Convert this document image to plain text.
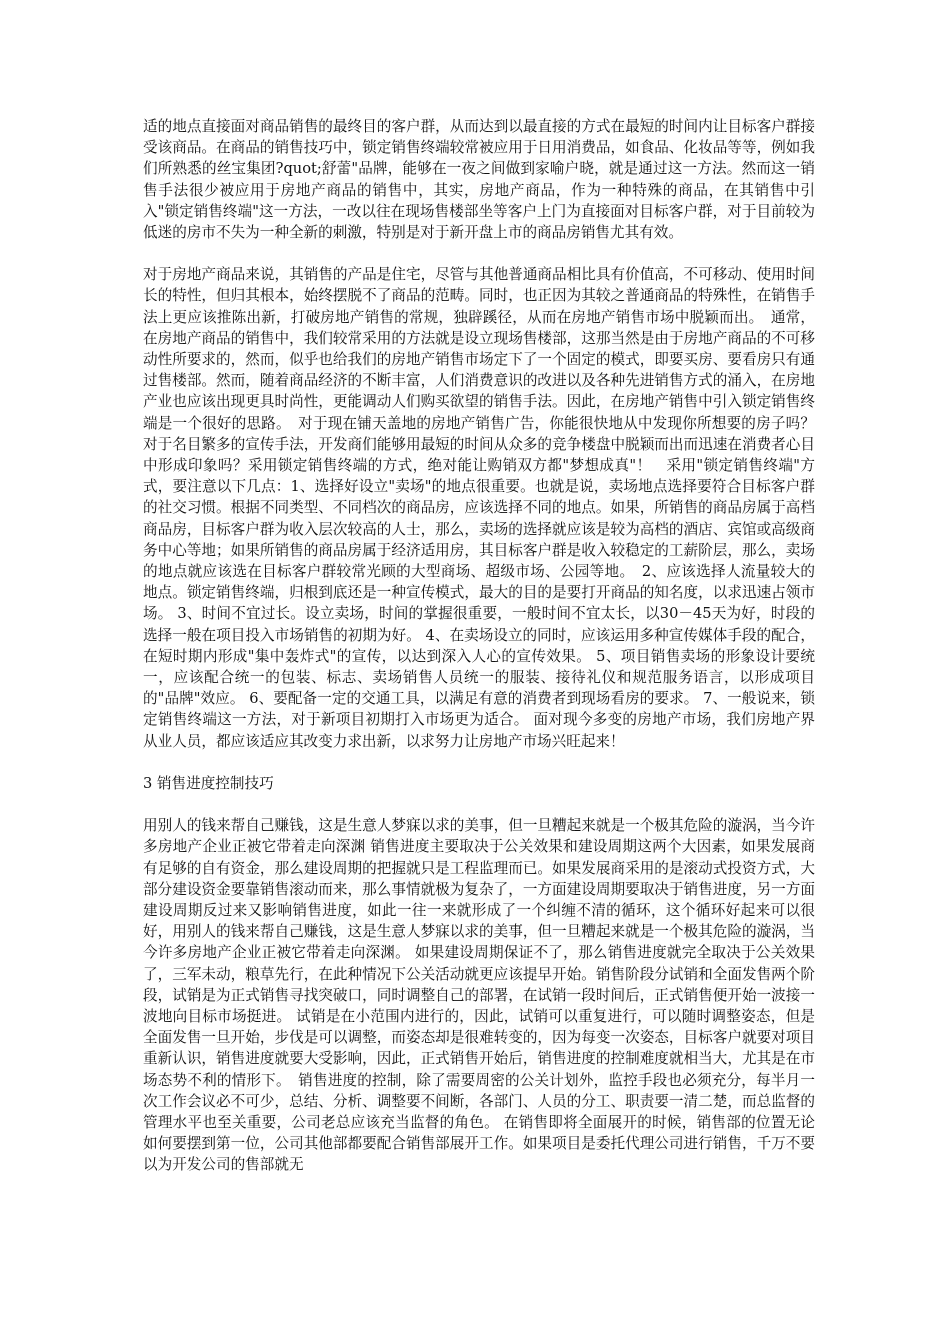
适的地点直接面对商品销售的最终目的客户群，从而达到以最直接的方式在最短的时间内让目标客户群接受该商品。在商品的销售技巧中，锁定销售终端较常被应用于日用消费品，如食品、化妆品等等，例如我们所熟悉的丝宝集团?quot;舒蕾"品牌，能够在一夜之间做到家喻户晓，就是通过这一方法。然而这一销售手法很少被应用于房地产商品的销售中，其实，房地产商品，作为一种特殊的商品，在其销售中引入"锁定销售终端"这一方法，一改以往在现场售楼部坐等客户上门为直接面对目标客户群，对于目前较为低迷的房市不失为一种全新的刺激，特别是对于新开盘上市的商品房销售尤其有效。

对于房地产商品来说，其销售的产品是住宅，尽管与其他普通商品相比具有价值高，不可移动、使用时间长的特性，但归其根本，始终摆脱不了商品的范畴。同时，也正因为其较之普通商品的特殊性，在销售手法上更应该推陈出新，打破房地产销售的常规，独辟蹊径，从而在房地产销售市场中脱颖而出。　通常，在房地产商品的销售中，我们较常采用的方法就是设立现场售楼部，这那当然是由于房地产商品的不可移动性所要求的，然而，似乎也给我们的房地产销售市场定下了一个固定的模式，即要买房、要看房只有通过售楼部。然而，随着商品经济的不断丰富，人们消费意识的改进以及各种先进销售方式的涌入，在房地产业也应该出现更具时尚性，更能调动人们购买欲望的销售手法。因此，在房地产销售中引入锁定销售终端是一个很好的思路。　对于现在铺天盖地的房地产销售广告，你能很快地从中发现你所想要的房子吗？对于名目繁多的宣传手法，开发商们能够用最短的时间从众多的竞争楼盘中脱颖而出而迅速在消费者心目中形成印象吗？采用锁定销售终端的方式，绝对能让购销双方都"梦想成真"！　采用"锁定销售终端"方式，要注意以下几点：1、选择好设立"卖场"的地点很重要。也就是说，卖场地点选择要符合目标客户群的社交习惯。根据不同类型、不同档次的商品房，应该选择不同的地点。如果，所销售的商品房属于高档商品房，目标客户群为收入层次较高的人士，那么，卖场的选择就应该是较为高档的酒店、宾馆或高级商务中心等地；如果所销售的商品房属于经济适用房，其目标客户群是收入较稳定的工薪阶层，那么，卖场的地点就应该选在目标客户群较常光顾的大型商场、超级市场、公园等地。　2、应该选择人流量较大的地点。锁定销售终端，归根到底还是一种宣传模式，最大的目的是要打开商品的知名度，以求迅速占领市场。 3、时间不宜过长。设立卖场，时间的掌握很重要，一般时间不宜太长，以30－45天为好，时段的选择一般在项目投入市场销售的初期为好。 4、在卖场设立的同时，应该运用多种宣传媒体手段的配合，在短时期内形成"集中轰炸式"的宣传，以达到深入人心的宣传效果。 5、项目销售卖场的形象设计要统一，应该配合统一的包装、标志、卖场销售人员统一的服装、接待礼仪和规范服务语言，以形成项目的"品牌"效应。 6、要配备一定的交通工具，以满足有意的消费者到现场看房的要求。 7、一般说来，锁定销售终端这一方法，对于新项目初期打入市场更为适合。 面对现今多变的房地产市场，我们房地产界从业人员，都应该适应其改变力求出新，以求努力让房地产市场兴旺起来！

3 销售进度控制技巧

用别人的钱来帮自己赚钱，这是生意人梦寐以求的美事，但一旦糟起来就是一个极其危险的漩涡，当今许多房地产企业正被它带着走向深渊 销售进度主要取决于公关效果和建设周期这两个大因素，如果发展商有足够的自有资金，那么建设周期的把握就只是工程监理而已。如果发展商采用的是滚动式投资方式，大部分建设资金要靠销售滚动而来，那么事情就极为复杂了，一方面建设周期要取决于销售进度，另一方面建设周期反过来又影响销售进度，如此一往一来就形成了一个纠缠不清的循环，这个循环好起来可以很好，用别人的钱来帮自己赚钱，这是生意人梦寐以求的美事，但一旦糟起来就是一个极其危险的漩涡，当今许多房地产企业正被它带着走向深渊。 如果建设周期保证不了，那么销售进度就完全取决于公关效果了，三军未动，粮草先行，在此种情况下公关活动就更应该提早开始。销售阶段分试销和全面发售两个阶段，试销是为正式销售寻找突破口，同时调整自己的部署，在试销一段时间后，正式销售便开始一波接一波地向目标市场挺进。 试销是在小范围内进行的，因此，试销可以重复进行，可以随时调整姿态，但是全面发售一旦开始，步伐是可以调整，而姿态却是很难转变的，因为每变一次姿态，目标客户就要对项目重新认识，销售进度就要大受影响，因此，正式销售开始后，销售进度的控制难度就相当大，尤其是在市场态势不利的情形下。　销售进度的控制，除了需要周密的公关计划外，监控手段也必须充分，每半月一次工作会议必不可少，总结、分析、调整要不间断，各部门、人员的分工、职责要一清二楚，而总监督的管理水平也至关重要，公司老总应该充当监督的角色。 在销售即将全面展开的时候，销售部的位置无论如何要摆到第一位，公司其他部都要配合销售部展开工作。如果项目是委托代理公司进行销售，千万不要以为开发公司的售部就无
